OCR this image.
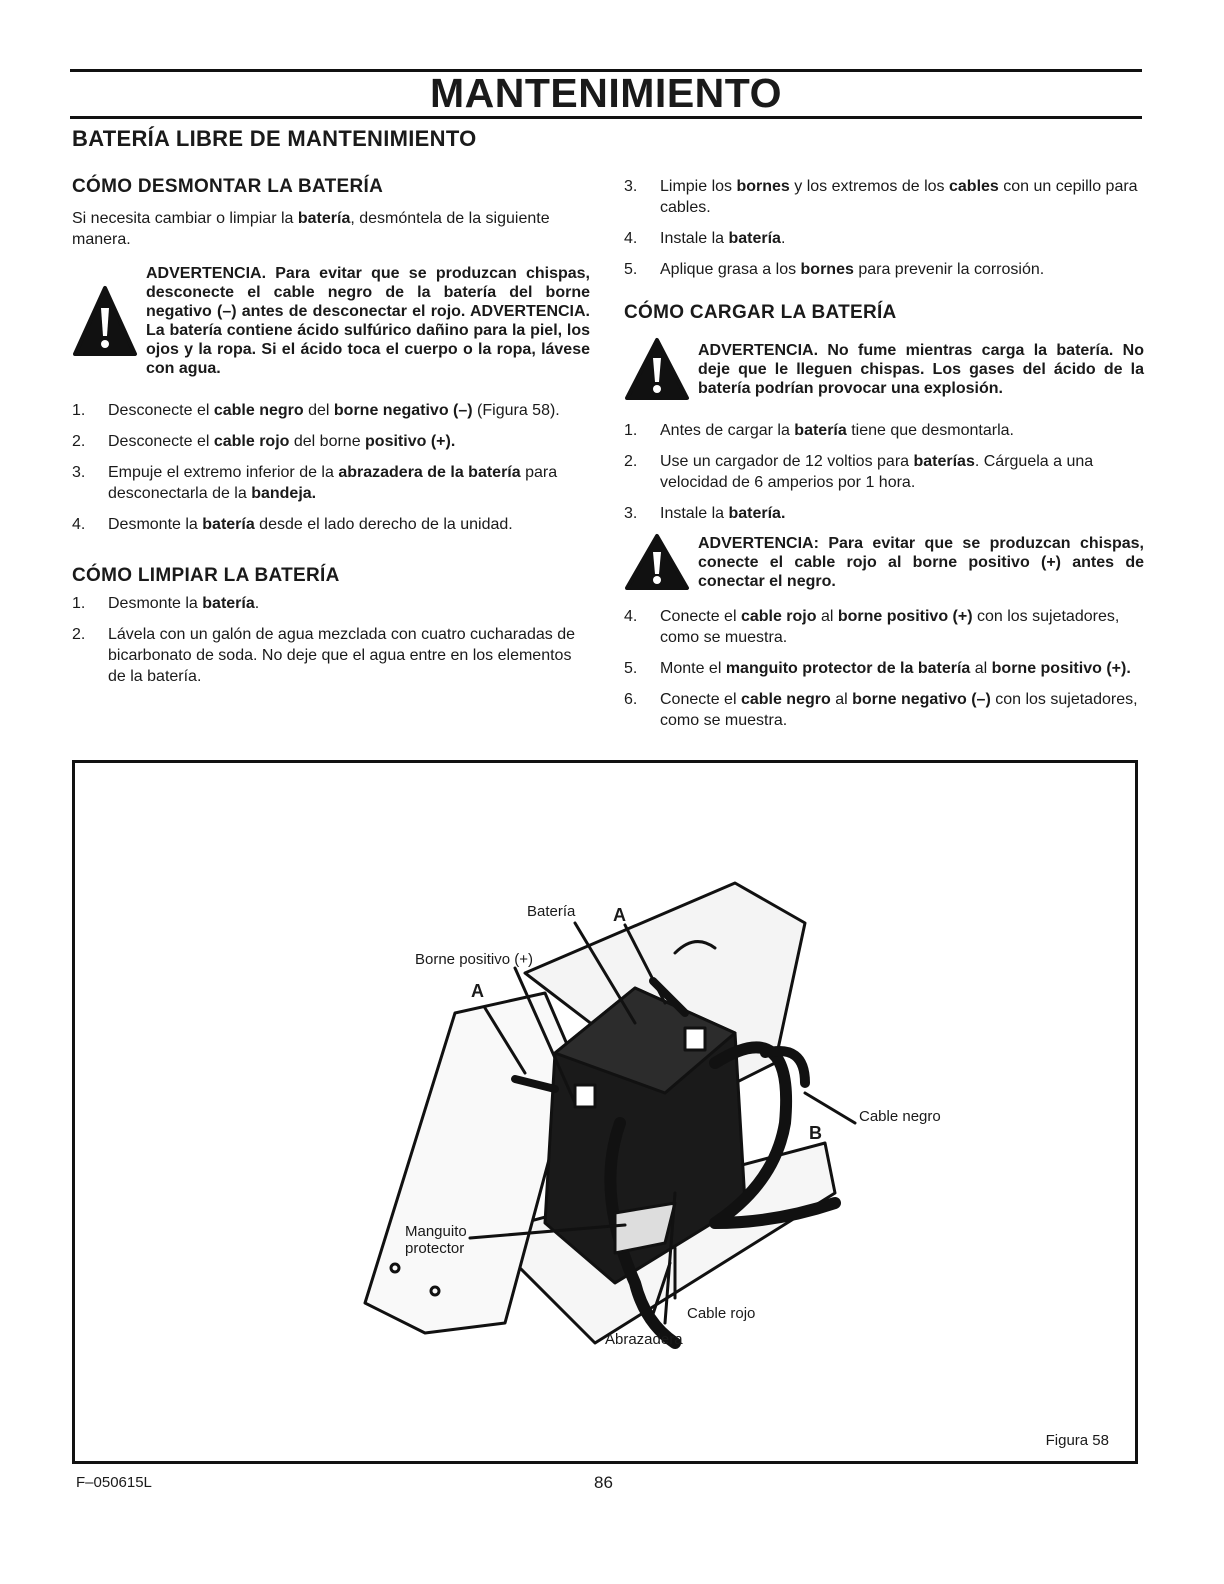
MANTENIMIENTO
BATERÍA LIBRE DE MANTENIMIENTO
CÓMO DESMONTAR LA BATERÍA

Si necesita cambiar o limpiar la batería, desmóntela de la siguiente manera.

ADVERTENCIA. Para evitar que se produzcan chispas, desconecte el cable negro de la batería del borne negativo (–) antes de desconectar el rojo. ADVERTENCIA. La batería contiene ácido sulfúrico dañino para la piel, los ojos y la ropa. Si el ácido toca el cuerpo o la ropa, lávese con agua.
1.	Desconecte el cable negro del borne negativo (–) (Figura 58).
2.	Desconecte el cable rojo del borne positivo (+).
3.	Empuje el extremo inferior de la abrazadera de la batería para desconectarla de la bandeja.
4.	Desmonte la batería desde el lado derecho de la unidad.
CÓMO LIMPIAR LA BATERÍA
1.	Desmonte la batería.
2.	Lávela con un galón de agua mezclada con cuatro cucharadas de bicarbonato de soda. No deje que el agua entre en los elementos de la batería.
3.	Limpie los bornes y los extremos de los cables con un cepillo para cables.
4.	Instale la batería.
5.	Aplique grasa a los bornes para prevenir la corrosión.
CÓMO CARGAR LA BATERÍA
ADVERTENCIA. No fume mientras carga la batería. No deje que le lleguen chispas. Los gases del ácido de la batería podrían provocar una explosión.
1.	Antes de cargar la batería tiene que desmontarla.
2.	Use un cargador de 12 voltios para baterías. Cárguela a una velocidad de 6 amperios por 1 hora.
3.	Instale la batería.
ADVERTENCIA: Para evitar que se produzcan chispas, conecte el cable rojo al borne positivo (+) antes de conectar el negro.
4.	Conecte el cable rojo al borne positivo (+) con los sujetadores, como se muestra.
5.	Monte el manguito protector de la batería al borne positivo (+).
6.	Conecte el cable negro al borne negativo (–) con los sujetadores, como se muestra.
Batería A
Borne positivo (+)
A
Cable negro
B
Manguito protector
Cable rojo
Abrazadera
Figura 58
F–050615L	86
